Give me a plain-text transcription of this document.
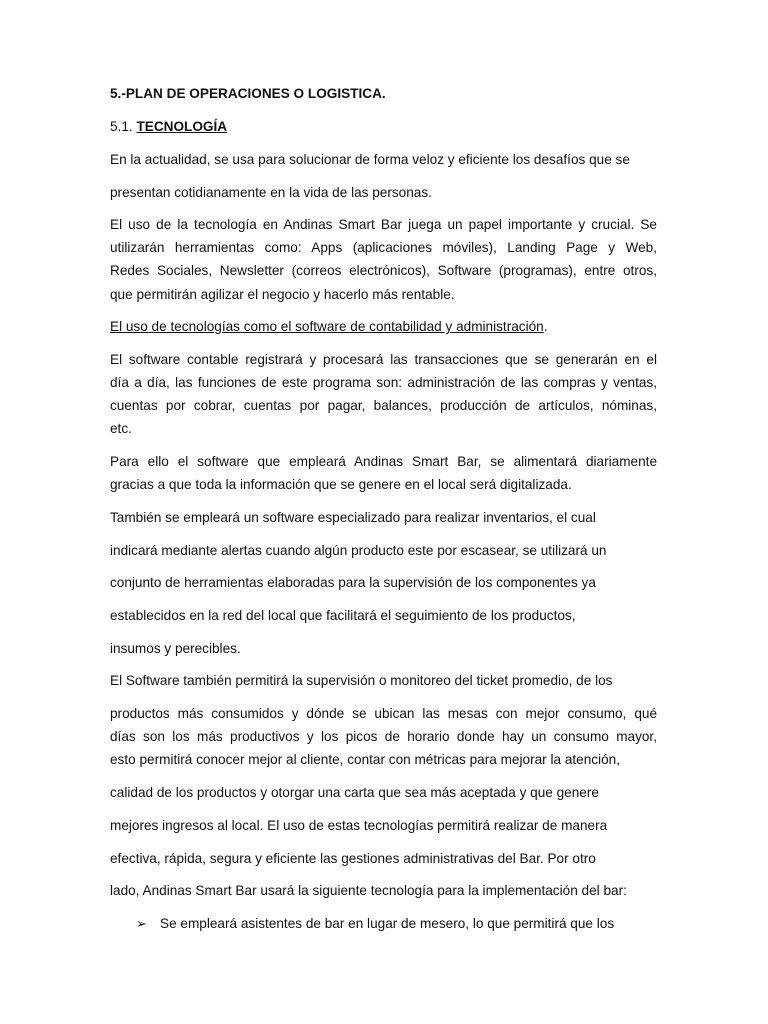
5.-PLAN DE OPERACIONES O LOGISTICA.

5.1. TECNOLOGÍA

En la actualidad, se usa para solucionar de forma veloz y eficiente los desafíos que se

presentan cotidianamente en la vida de las personas.

El uso de la tecnología en Andinas Smart Bar juega un papel importante y crucial. Se

utilizarán herramientas como: Apps (aplicaciones móviles), Landing Page y Web,

Redes Sociales, Newsletter (correos electrónicos), Software (programas), entre otros,

que permitirán agilizar el negocio y hacerlo más rentable.

El uso de tecnologías como el software de contabilidad y administración.

El software contable registrará y procesará las transacciones que se generarán en el

día a día, las funciones de este programa son: administración de las compras y ventas,

cuentas por cobrar, cuentas por pagar, balances, producción de artículos, nóminas,

etc.

Para ello el software que empleará Andinas Smart Bar, se alimentará diariamente

gracias a que toda la información que se genere en el local será digitalizada.

También se empleará un software especializado para realizar inventarios, el cual

indicará mediante alertas cuando algún producto este por escasear, se utilizará un

conjunto de herramientas elaboradas para la supervisión de los componentes ya

establecidos en la red del local que facilitará el seguimiento de los productos,

insumos y perecibles.

El Software también permitirá la supervisión o monitoreo del ticket promedio, de los

productos más consumidos y dónde se ubican las mesas con mejor consumo, qué

días son los más productivos y los picos de horario donde hay un consumo mayor,

esto permitirá conocer mejor al cliente, contar con métricas para mejorar la atención,

calidad de los productos y otorgar una carta que sea más aceptada y que genere

mejores ingresos al local. El uso de estas tecnologías permitirá realizar de manera

efectiva, rápida, segura y eficiente las gestiones administrativas del Bar. Por otro

lado, Andinas Smart Bar usará la siguiente tecnología para la implementación del bar:

➢ Se empleará asistentes de bar en lugar de mesero, lo que permitirá que los
